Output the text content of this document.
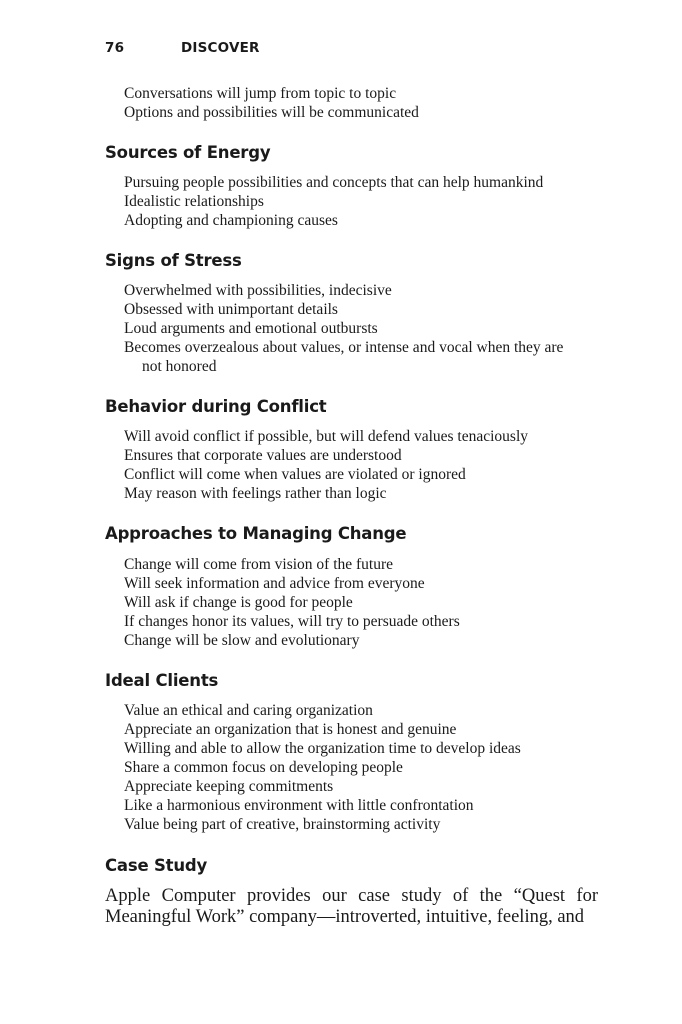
76	DISCOVER
Conversations will jump from topic to topic
Options and possibilities will be communicated
Sources of Energy
Pursuing people possibilities and concepts that can help humankind
Idealistic relationships
Adopting and championing causes
Signs of Stress
Overwhelmed with possibilities, indecisive
Obsessed with unimportant details
Loud arguments and emotional outbursts
Becomes overzealous about values, or intense and vocal when they are
not honored
Behavior during Conflict
Will avoid conflict if possible, but will defend values tenaciously
Ensures that corporate values are understood
Conflict will come when values are violated or ignored
May reason with feelings rather than logic
Approaches to Managing Change
Change will come from vision of the future
Will seek information and advice from everyone
Will ask if change is good for people
If changes honor its values, will try to persuade others
Change will be slow and evolutionary
Ideal Clients
Value an ethical and caring organization
Appreciate an organization that is honest and genuine
Willing and able to allow the organization time to develop ideas
Share a common focus on developing people
Appreciate keeping commitments
Like a harmonious environment with little confrontation
Value being part of creative, brainstorming activity
Case Study
Apple Computer provides our case study of the “Quest for Meaningful Work” company—introverted, intuitive, feeling, and
